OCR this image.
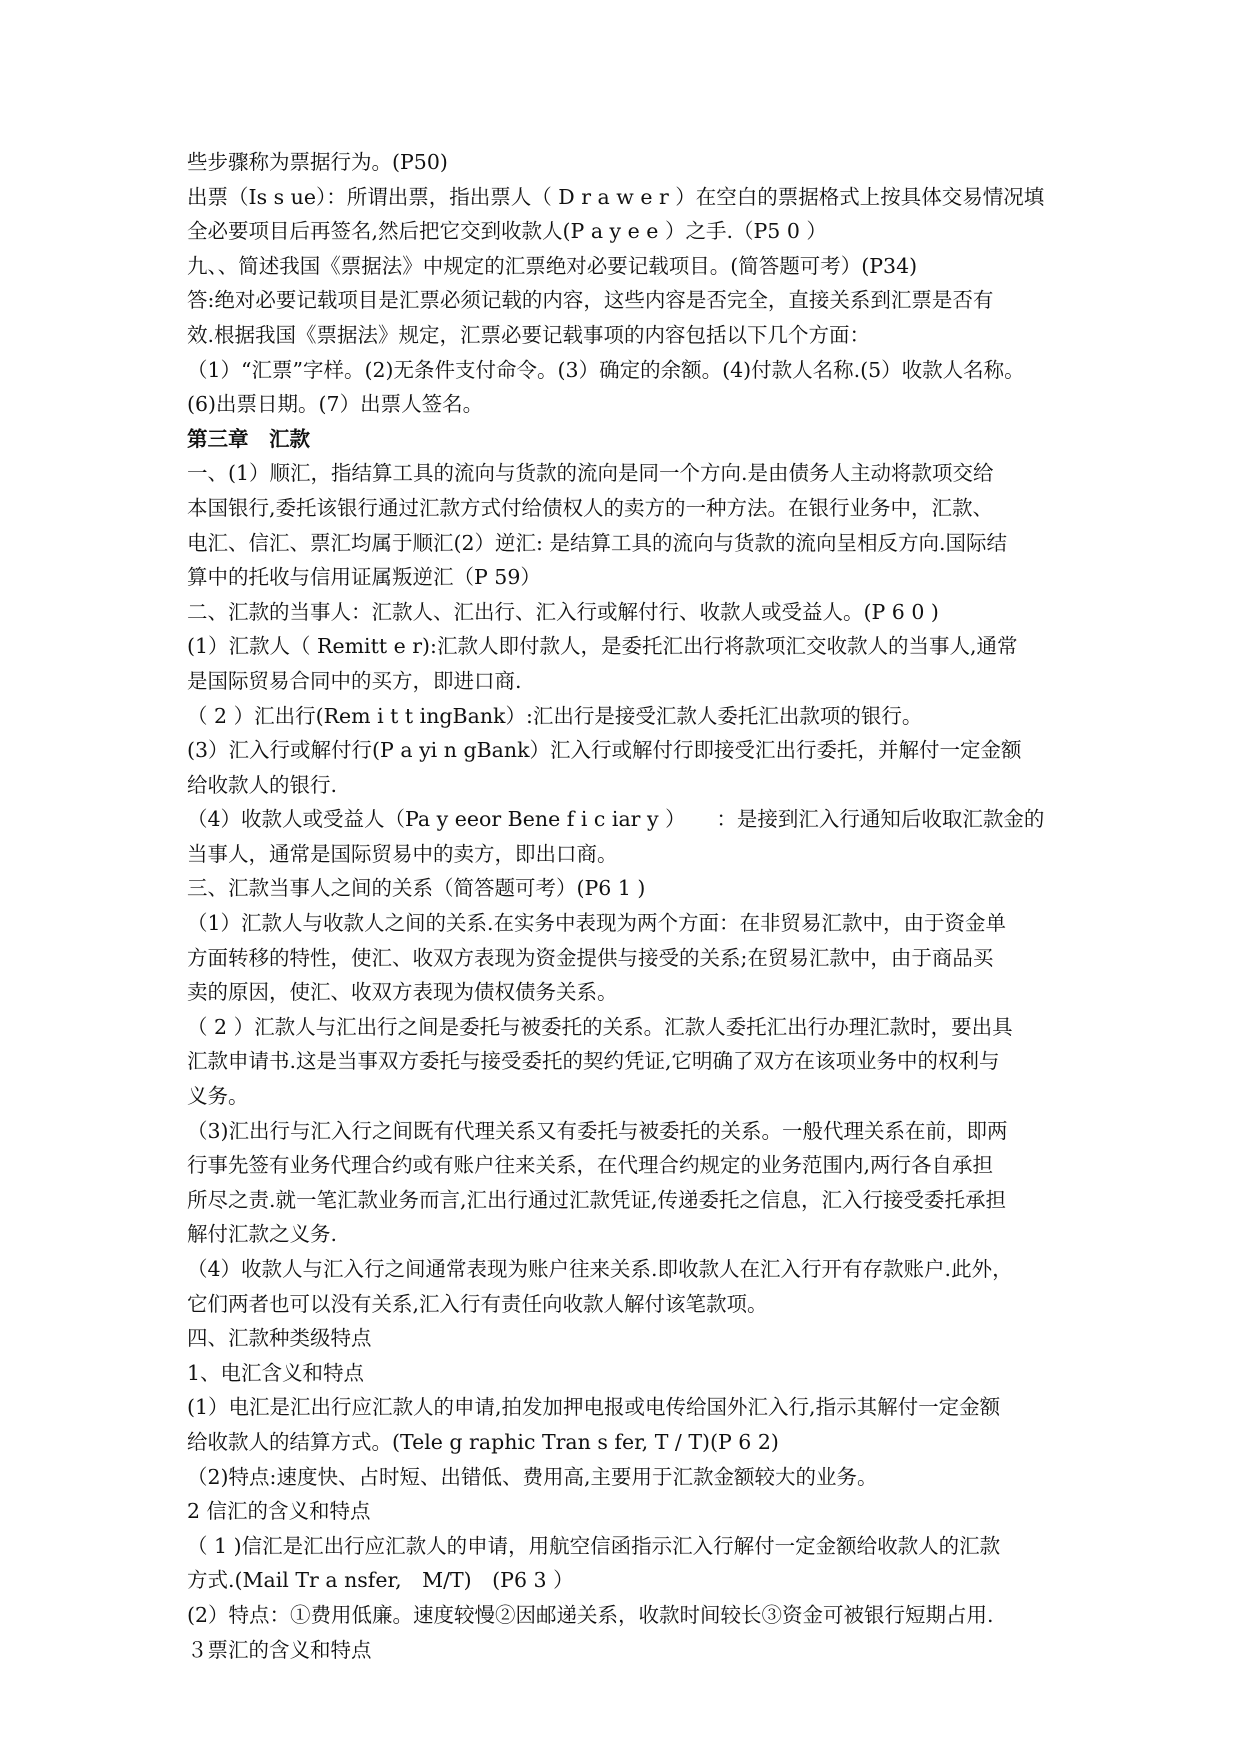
些步骤称为票据行为。(P50)
出票（Is s ue）：所谓出票，指出票人（ D r a w e r ）在空白的票据格式上按具体交易情况填
全必要项目后再签名,然后把它交到收款人(P a y e e ）之手.（P5 0 ）
九、、简述我国《票据法》中规定的汇票绝对必要记载项目。(简答题可考）(P34)
答:绝对必要记载项目是汇票必须记载的内容，这些内容是否完全，直接关系到汇票是否有
效.根据我国《票据法》规定，汇票必要记载事项的内容包括以下几个方面：
（1）“汇票”字样。(2)无条件支付命令。(3）确定的余额。(4)付款人名称.(5）收款人名称。
(6)出票日期。(7）出票人签名。
第三章　汇款
一、(1）顺汇，指结算工具的流向与货款的流向是同一个方向.是由债务人主动将款项交给
本国银行,委托该银行通过汇款方式付给债权人的卖方的一种方法。在银行业务中，汇款、
电汇、信汇、票汇均属于顺汇(2）逆汇: 是结算工具的流向与货款的流向呈相反方向.国际结
算中的托收与信用证属叛逆汇（P 59）
二、汇款的当事人：汇款人、汇出行、汇入行或解付行、收款人或受益人。(P 6 0 )
(1）汇款人（ Remitt e r):汇款人即付款人，是委托汇出行将款项汇交收款人的当事人,通常
是国际贸易合同中的买方，即进口商.
（ 2 ）汇出行(Rem i t t ingBank）:汇出行是接受汇款人委托汇出款项的银行。
(3）汇入行或解付行(P a yi n gBank）汇入行或解付行即接受汇出行委托，并解付一定金额
给收款人的银行.
（4）收款人或受益人（Pa y eeor Bene f i c iar y ）　　：是接到汇入行通知后收取汇款金的
当事人，通常是国际贸易中的卖方，即出口商。
三、汇款当事人之间的关系（简答题可考）(P6 1 )
（1）汇款人与收款人之间的关系.在实务中表现为两个方面：在非贸易汇款中，由于资金单
方面转移的特性，使汇、收双方表现为资金提供与接受的关系;在贸易汇款中，由于商品买
卖的原因，使汇、收双方表现为债权债务关系。
（ 2 ）汇款人与汇出行之间是委托与被委托的关系。汇款人委托汇出行办理汇款时，要出具
汇款申请书.这是当事双方委托与接受委托的契约凭证,它明确了双方在该项业务中的权利与
义务。
（3)汇出行与汇入行之间既有代理关系又有委托与被委托的关系。一般代理关系在前，即两
行事先签有业务代理合约或有账户往来关系，在代理合约规定的业务范围内,两行各自承担
所尽之责.就一笔汇款业务而言,汇出行通过汇款凭证,传递委托之信息，汇入行接受委托承担
解付汇款之义务.
（4）收款人与汇入行之间通常表现为账户往来关系.即收款人在汇入行开有存款账户.此外，
它们两者也可以没有关系,汇入行有责任向收款人解付该笔款项。
四、汇款种类级特点
1、电汇含义和特点
(1）电汇是汇出行应汇款人的申请,拍发加押电报或电传给国外汇入行,指示其解付一定金额
给收款人的结算方式。(Tele g raphic Tran s fer, T / T)(P 6 2)
（2)特点:速度快、占时短、出错低、费用高,主要用于汇款金额较大的业务。
2 信汇的含义和特点
（ 1 )信汇是汇出行应汇款人的申请，用航空信函指示汇入行解付一定金额给收款人的汇款
方式.(Mail Tr a nsfer,　M/T)　(P6 3 ）
(2）特点：①费用低廉。速度较慢②因邮递关系，收款时间较长③资金可被银行短期占用.
３票汇的含义和特点
